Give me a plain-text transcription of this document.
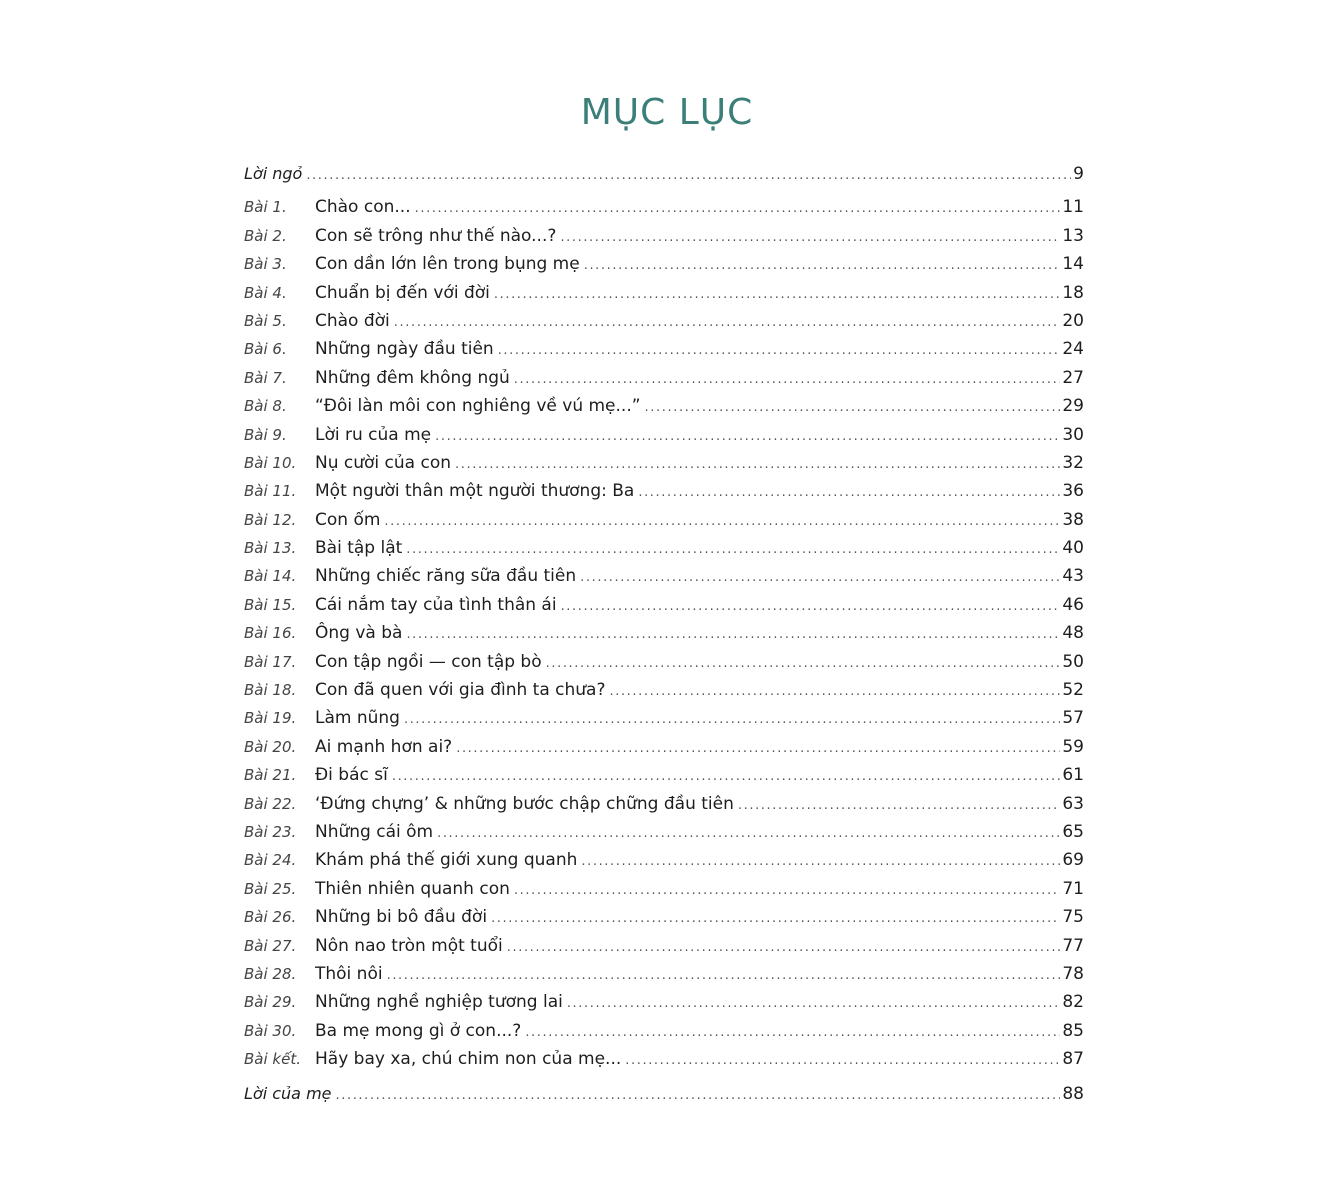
MỤC LỤC
Lời ngỏ .....	9
Bài 1.	Chào con... .....	11
Bài 2.	Con sẽ trông như thế nào...? .....	13
Bài 3.	Con dần lớn lên trong bụng mẹ .....	14
Bài 4.	Chuẩn bị đến với đời .....	18
Bài 5.	Chào đời .....	20
Bài 6.	Những ngày đầu tiên .....	24
Bài 7.	Những đêm không ngủ .....	27
Bài 8.	“Đôi làn môi con nghiêng về vú mẹ...” .....	29
Bài 9.	Lời ru của mẹ .....	30
Bài 10.	Nụ cười của con .....	32
Bài 11.	Một người thân một người thương: Ba .....	36
Bài 12.	Con ốm .....	38
Bài 13.	Bài tập lật .....	40
Bài 14.	Những chiếc răng sữa đầu tiên .....	43
Bài 15.	Cái nắm tay của tình thân ái .....	46
Bài 16.	Ông và bà .....	48
Bài 17.	Con tập ngồi — con tập bò .....	50
Bài 18.	Con đã quen với gia đình ta chưa? .....	52
Bài 19.	Làm nũng .....	57
Bài 20.	Ai mạnh hơn ai? .....	59
Bài 21.	Đi bác sĩ .....	61
Bài 22.	‘Đứng chựng’ & những bước chập chững đầu tiên .....	63
Bài 23.	Những cái ôm .....	65
Bài 24.	Khám phá thế giới xung quanh .....	69
Bài 25.	Thiên nhiên quanh con .....	71
Bài 26.	Những bi bô đầu đời .....	75
Bài 27.	Nôn nao tròn một tuổi .....	77
Bài 28.	Thôi nôi .....	78
Bài 29.	Những nghề nghiệp tương lai .....	82
Bài 30.	Ba mẹ mong gì ở con...? .....	85
Bài kết. Hãy bay xa, chú chim non của mẹ... .....	87
Lời của mẹ .....	88
